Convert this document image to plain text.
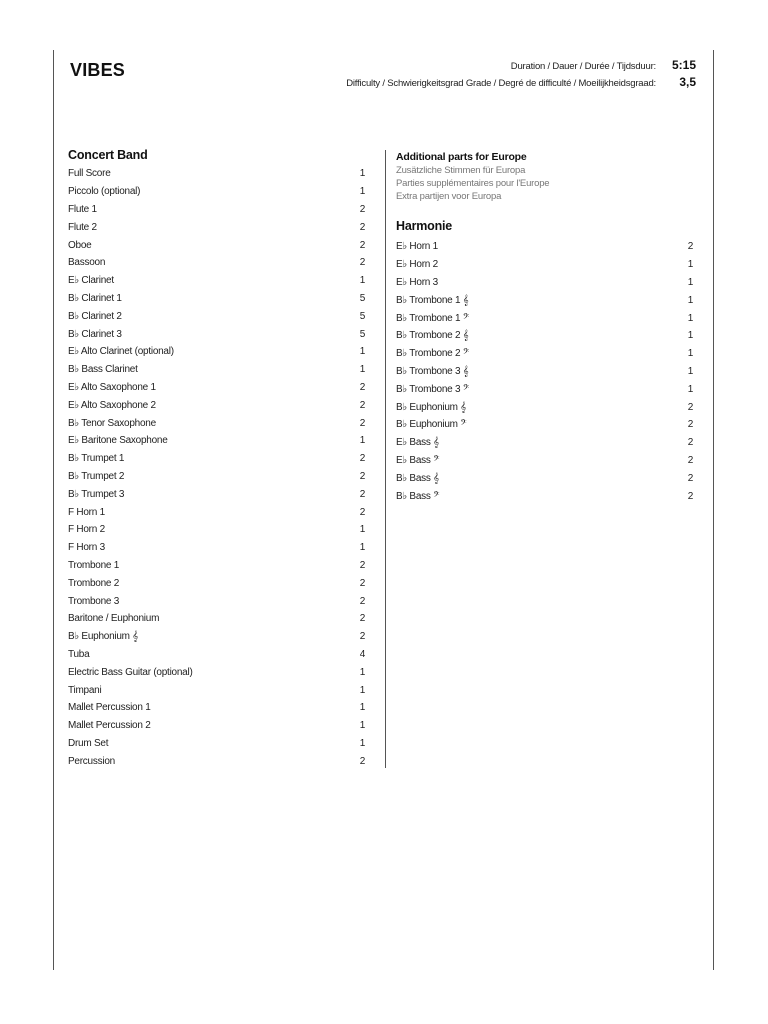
VIBES	Duration / Dauer / Durée / Tijdsduur:	5:15
Difficulty / Schwierigkeitsgrad Grade / Degré de difficulté / Moeilijkheidsgraad:	3,5
Concert Band
Full Score	1
Piccolo (optional)	1
Flute 1	2
Flute 2	2
Oboe	2
Bassoon	2
E♭ Clarinet	1
B♭ Clarinet 1	5
B♭ Clarinet 2	5
B♭ Clarinet 3	5
E♭ Alto Clarinet (optional)	1
B♭ Bass Clarinet	1
E♭ Alto Saxophone 1	2
E♭ Alto Saxophone 2	2
B♭ Tenor Saxophone	2
E♭ Baritone Saxophone	1
B♭ Trumpet 1	2
B♭ Trumpet 2	2
B♭ Trumpet 3	2
F Horn 1	2
F Horn 2	1
F Horn 3	1
Trombone 1	2
Trombone 2	2
Trombone 3	2
Baritone / Euphonium	2
B♭ Euphonium 𝄞	2
Tuba	4
Electric Bass Guitar (optional)	1
Timpani	1
Mallet Percussion 1	1
Mallet Percussion 2	1
Drum Set	1
Percussion	2
Additional parts for Europe
Zusätzliche Stimmen für Europa
Parties supplémentaires pour l'Europe
Extra partijen voor Europa
Harmonie
E♭ Horn 1	2
E♭ Horn 2	1
E♭ Horn 3	1
B♭ Trombone 1 𝄞	1
B♭ Trombone 1 𝄢	1
B♭ Trombone 2 𝄞	1
B♭ Trombone 2 𝄢	1
B♭ Trombone 3 𝄞	1
B♭ Trombone 3 𝄢	1
B♭ Euphonium 𝄞	2
B♭ Euphonium 𝄢	2
E♭ Bass 𝄞	2
E♭ Bass 𝄢	2
B♭ Bass 𝄞	2
B♭ Bass 𝄢	2
